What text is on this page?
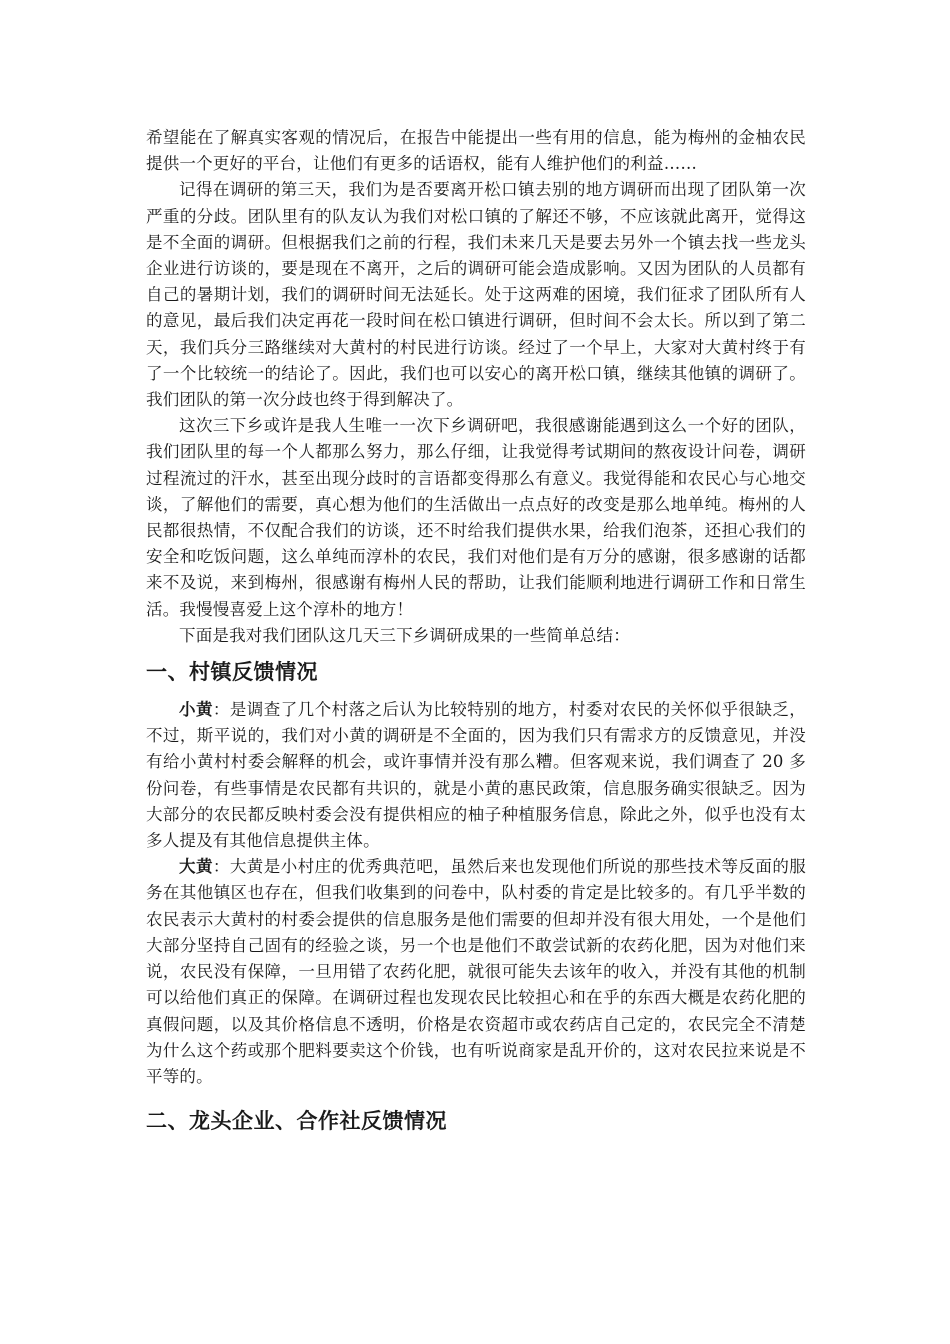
希望能在了解真实客观的情况后，在报告中能提出一些有用的信息，能为梅州的金柚农民提供一个更好的平台，让他们有更多的话语权，能有人维护他们的利益……

记得在调研的第三天，我们为是否要离开松口镇去别的地方调研而出现了团队第一次严重的分歧。团队里有的队友认为我们对松口镇的了解还不够，不应该就此离开，觉得这是不全面的调研。但根据我们之前的行程，我们未来几天是要去另外一个镇去找一些龙头企业进行访谈的，要是现在不离开，之后的调研可能会造成影响。又因为团队的人员都有自己的暑期计划，我们的调研时间无法延长。处于这两难的困境，我们征求了团队所有人的意见，最后我们决定再花一段时间在松口镇进行调研，但时间不会太长。所以到了第二天，我们兵分三路继续对大黄村的村民进行访谈。经过了一个早上，大家对大黄村终于有了一个比较统一的结论了。因此，我们也可以安心的离开松口镇，继续其他镇的调研了。我们团队的第一次分歧也终于得到解决了。

这次三下乡或许是我人生唯一一次下乡调研吧，我很感谢能遇到这么一个好的团队，我们团队里的每一个人都那么努力，那么仔细，让我觉得考试期间的熬夜设计问卷，调研过程流过的汗水，甚至出现分歧时的言语都变得那么有意义。我觉得能和农民心与心地交谈，了解他们的需要，真心想为他们的生活做出一点点好的改变是那么地单纯。梅州的人民都很热情，不仅配合我们的访谈，还不时给我们提供水果，给我们泡茶，还担心我们的安全和吃饭问题，这么单纯而淳朴的农民，我们对他们是有万分的感谢，很多感谢的话都来不及说，来到梅州，很感谢有梅州人民的帮助，让我们能顺利地进行调研工作和日常生活。我慢慢喜爱上这个淳朴的地方！

下面是我对我们团队这几天三下乡调研成果的一些简单总结：

一、村镇反馈情况

小黄：是调查了几个村落之后认为比较特别的地方，村委对农民的关怀似乎很缺乏，不过，斯平说的，我们对小黄的调研是不全面的，因为我们只有需求方的反馈意见，并没有给小黄村村委会解释的机会，或许事情并没有那么糟。但客观来说，我们调查了 20 多份问卷，有些事情是农民都有共识的，就是小黄的惠民政策，信息服务确实很缺乏。因为大部分的农民都反映村委会没有提供相应的柚子种植服务信息，除此之外，似乎也没有太多人提及有其他信息提供主体。

大黄：大黄是小村庄的优秀典范吧，虽然后来也发现他们所说的那些技术等反面的服务在其他镇区也存在，但我们收集到的问卷中，队村委的肯定是比较多的。有几乎半数的农民表示大黄村的村委会提供的信息服务是他们需要的但却并没有很大用处，一个是他们大部分坚持自己固有的经验之谈，另一个也是他们不敢尝试新的农药化肥，因为对他们来说，农民没有保障，一旦用错了农药化肥，就很可能失去该年的收入，并没有其他的机制可以给他们真正的保障。在调研过程也发现农民比较担心和在乎的东西大概是农药化肥的真假问题，以及其价格信息不透明，价格是农资超市或农药店自己定的，农民完全不清楚为什么这个药或那个肥料要卖这个价钱，也有听说商家是乱开价的，这对农民拉来说是不平等的。

二、龙头企业、合作社反馈情况
